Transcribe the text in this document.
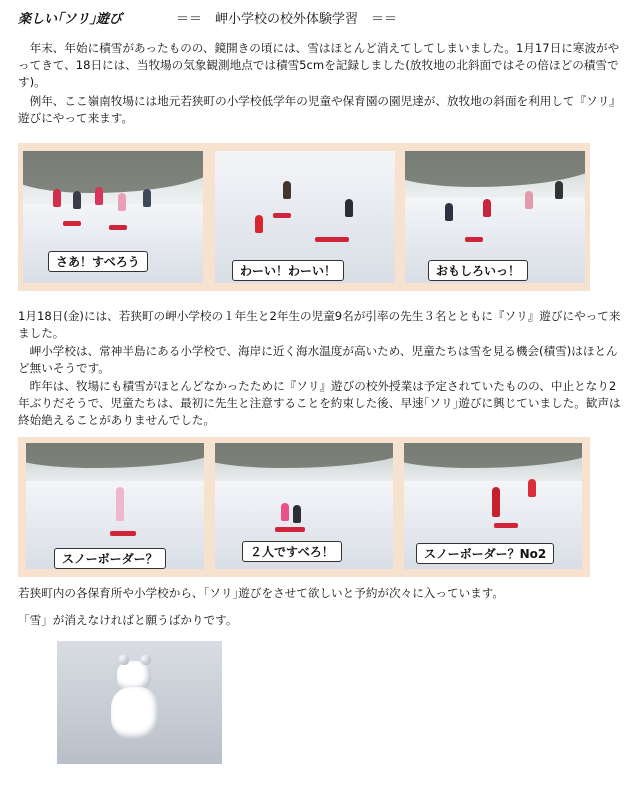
楽しい｢ソリ｣遊び	＝＝　岬小学校の校外体験学習　＝＝

　年末、年始に積雪があったものの、鏡開きの頃には、雪はほとんど消えてしてしまいました。1月17日に寒波がやってきて、18日には、当牧場の気象観測地点では積雪5cmを記録しました(放牧地の北斜面ではその倍ほどの積雪です)。

　例年、ここ嶺南牧場には地元若狭町の小学校低学年の児童や保育園の園児達が、放牧地の斜面を利用して『ソリ』遊びにやって来ます。

さあ！すべろう
わーい！わーい！	おもしろいっ！

1月18日(金)には、若狭町の岬小学校の１年生と2年生の児童9名が引率の先生３名とともに『ソリ』遊びにやって来ました。

　岬小学校は、常神半島にある小学校で、海岸に近く海水温度が高いため、児童たちは雪を見る機会(積雪)はほとんど無いそうです。

　昨年は、牧場にも積雪がほとんどなかったために『ソリ』遊びの校外授業は予定されていたものの、中止となり2年ぶりだそうで、児童たちは、最初に先生と注意することを約束した後、早速｢ソリ｣遊びに興じていました。歓声は終始絶えることがありませんでした。

スノーボーダー？	２人ですべろ！	スノーボーダー？No2

若狭町内の各保育所や小学校から、｢ソリ｣遊びをさせて欲しいと予約が次々に入っています。

「雪」が消えなければと願うばかりです。
